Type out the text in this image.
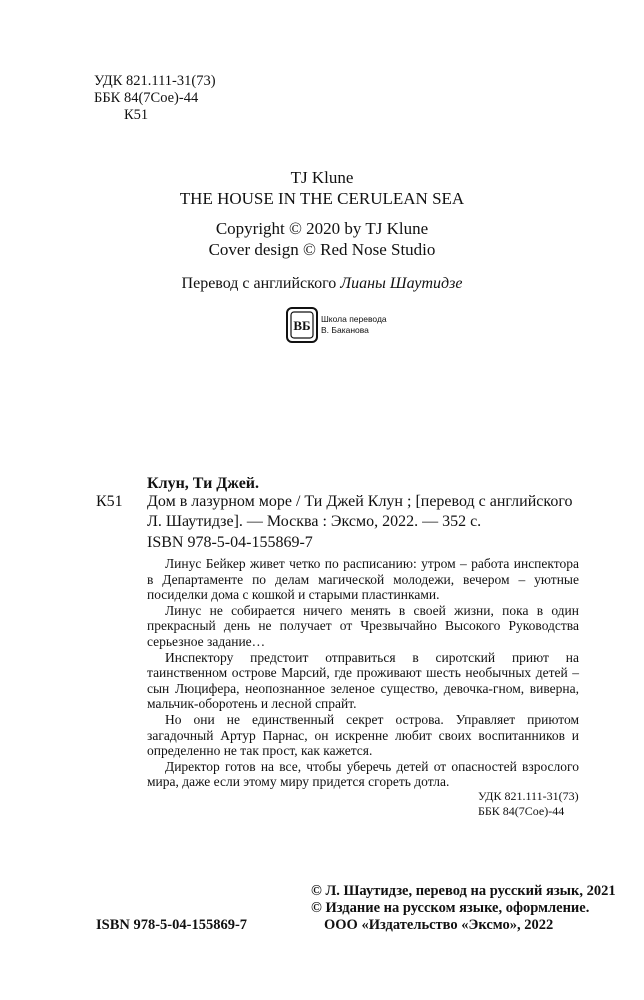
УДК 821.111-31(73)
ББК 84(7Сое)-44
К51
TJ Klune
THE HOUSE IN THE CERULEAN SEA
Copyright © 2020 by TJ Klune
Cover design © Red Nose Studio
Перевод с английского Лианы Шаутидзе
ВБ Школа перевода
В. Баканова
Клун, Ти Джей.
К51 Дом в лазурном море / Ти Джей Клун ; [перевод с английского Л. Шаутидзе]. — Москва : Эксмо, 2022. — 352 с.
ISBN 978-5-04-155869-7

Линус Бейкер живет четко по расписанию: утром – работа инспектора в Департаменте по делам магической молодежи, вечером – уютные посиделки дома с кошкой и старыми пластинками.

Линус не собирается ничего менять в своей жизни, пока в один прекрасный день не получает от Чрезвычайно Высокого Руководства серьезное задание…

Инспектору предстоит отправиться в сиротский приют на таинственном острове Марсий, где проживают шесть необычных детей – сын Люцифера, неопознанное зеленое существо, девочка-гном, виверна, мальчик-оборотень и лесной спрайт.

Но они не единственный секрет острова. Управляет приютом загадочный Артур Парнас, он искренне любит своих воспитанников и определенно не так прост, как кажется.

Директор готов на все, чтобы уберечь детей от опасностей взрослого мира, даже если этому миру придется сгореть дотла.

УДК 821.111-31(73)
ББК 84(7Сое)-44
© Л. Шаутидзе, перевод на русский язык, 2021
© Издание на русском языке, оформление.
ООО «Издательство «Эксмо», 2022
ISBN 978-5-04-155869-7
